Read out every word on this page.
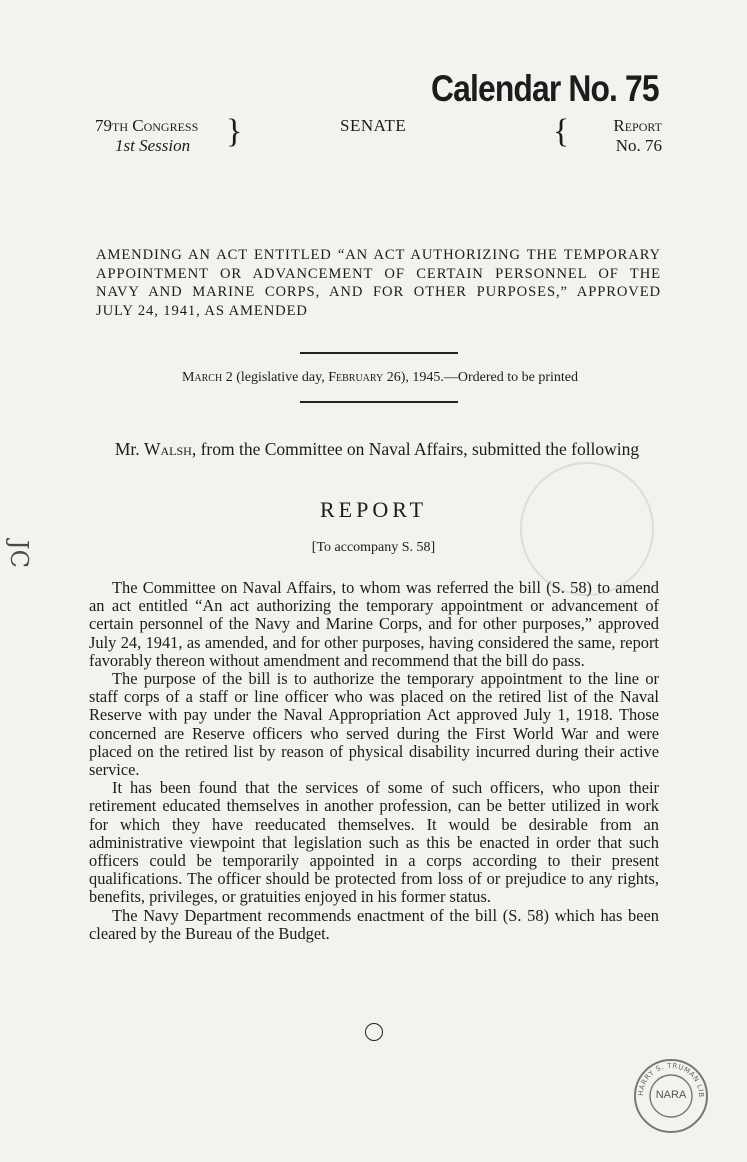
Calendar No. 75
79th Congress
1st Session }	SENATE	{	Report
No. 76
AMENDING AN ACT ENTITLED “AN ACT AUTHORIZING THE TEMPORARY APPOINTMENT OR ADVANCEMENT OF CERTAIN PERSONNEL OF THE NAVY AND MARINE CORPS, AND FOR OTHER PURPOSES,” APPROVED JULY 24, 1941, AS AMENDED
March 2 (legislative day, February 26), 1945.—Ordered to be printed
Mr. Walsh, from the Committee on Naval Affairs, submitted the following
REPORT
[To accompany S. 58]

The Committee on Naval Affairs, to whom was referred the bill (S. 58) to amend an act entitled “An act authorizing the temporary appointment or advancement of certain personnel of the Navy and Marine Corps, and for other purposes,” approved July 24, 1941, as amended, and for other purposes, having considered the same, report favorably thereon without amendment and recommend that the bill do pass.

The purpose of the bill is to authorize the temporary appointment to the line or staff corps of a staff or line officer who was placed on the retired list of the Naval Reserve with pay under the Naval Appropriation Act approved July 1, 1918. Those concerned are Reserve officers who served during the First World War and were placed on the retired list by reason of physical disability incurred during their active service.

It has been found that the services of some of such officers, who upon their retirement educated themselves in another profession, can be better utilized in work for which they have reeducated themselves. It would be desirable from an administrative viewpoint that legislation such as this be enacted in order that such officers could be temporarily appointed in a corps according to their present qualifications. The officer should be protected from loss of or prejudice to any rights, benefits, privileges, or gratuities enjoyed in his former status.

The Navy Department recommends enactment of the bill (S. 58) which has been cleared by the Bureau of the Budget.

JC
HARRY S. TRUMAN LIB
NARA
